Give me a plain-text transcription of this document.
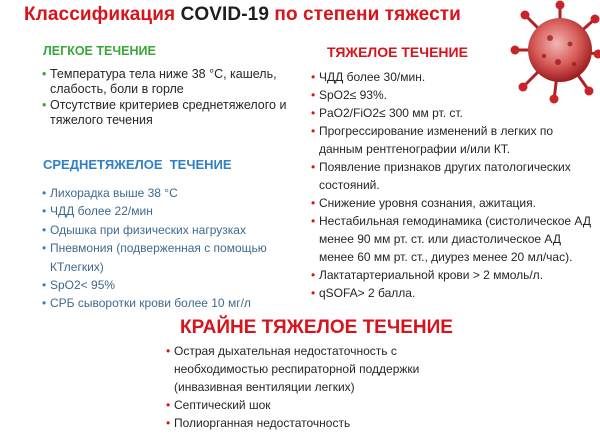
Классификация COVID-19 по степени тяжести
ЛЕГКОЕ ТЕЧЕНИЕ
• Температура тела ниже 38 °С, кашель,     слабость, боли в горле
• Отсутствие критериев среднетяжелого и тяжелого течения
СРЕДНЕТЯЖЕЛОЕ  ТЕЧЕНИЕ
• Лихорадка выше 38 °С
• ЧДД более 22/мин
• Одышка при физических нагрузках
• Пневмония (подверженная с помощью КТлегких)
• SpO2< 95%
• СРБ сыворотки крови более 10 мг/л
ТЯЖЕЛОЕ ТЕЧЕНИЕ
• ЧДД более 30/мин.
• SpO2≤ 93%.
• PaO2/FiO2≤ 300 мм рт. ст.
• Прогрессирование изменений в легких по данным рентгенографии и/или КТ.
• Появление признаков других патологических состояний.
• Снижение уровня сознания, ажитация.
• Нестабильная гемодинамика (систолическое АД менее 90 мм рт. ст. или диастолическое АД менее 60 мм рт. ст., диурез менее 20 мл/час).
• Лактатартериальной крови > 2 ммоль/л.
• qSOFA> 2 балла.
КРАЙНЕ ТЯЖЕЛОЕ ТЕЧЕНИЕ
• Острая дыхательная недостаточность с необходимостью респираторной поддержки (инвазивная вентиляции легких)
• Септический шок
• Полиорганная недостаточность
